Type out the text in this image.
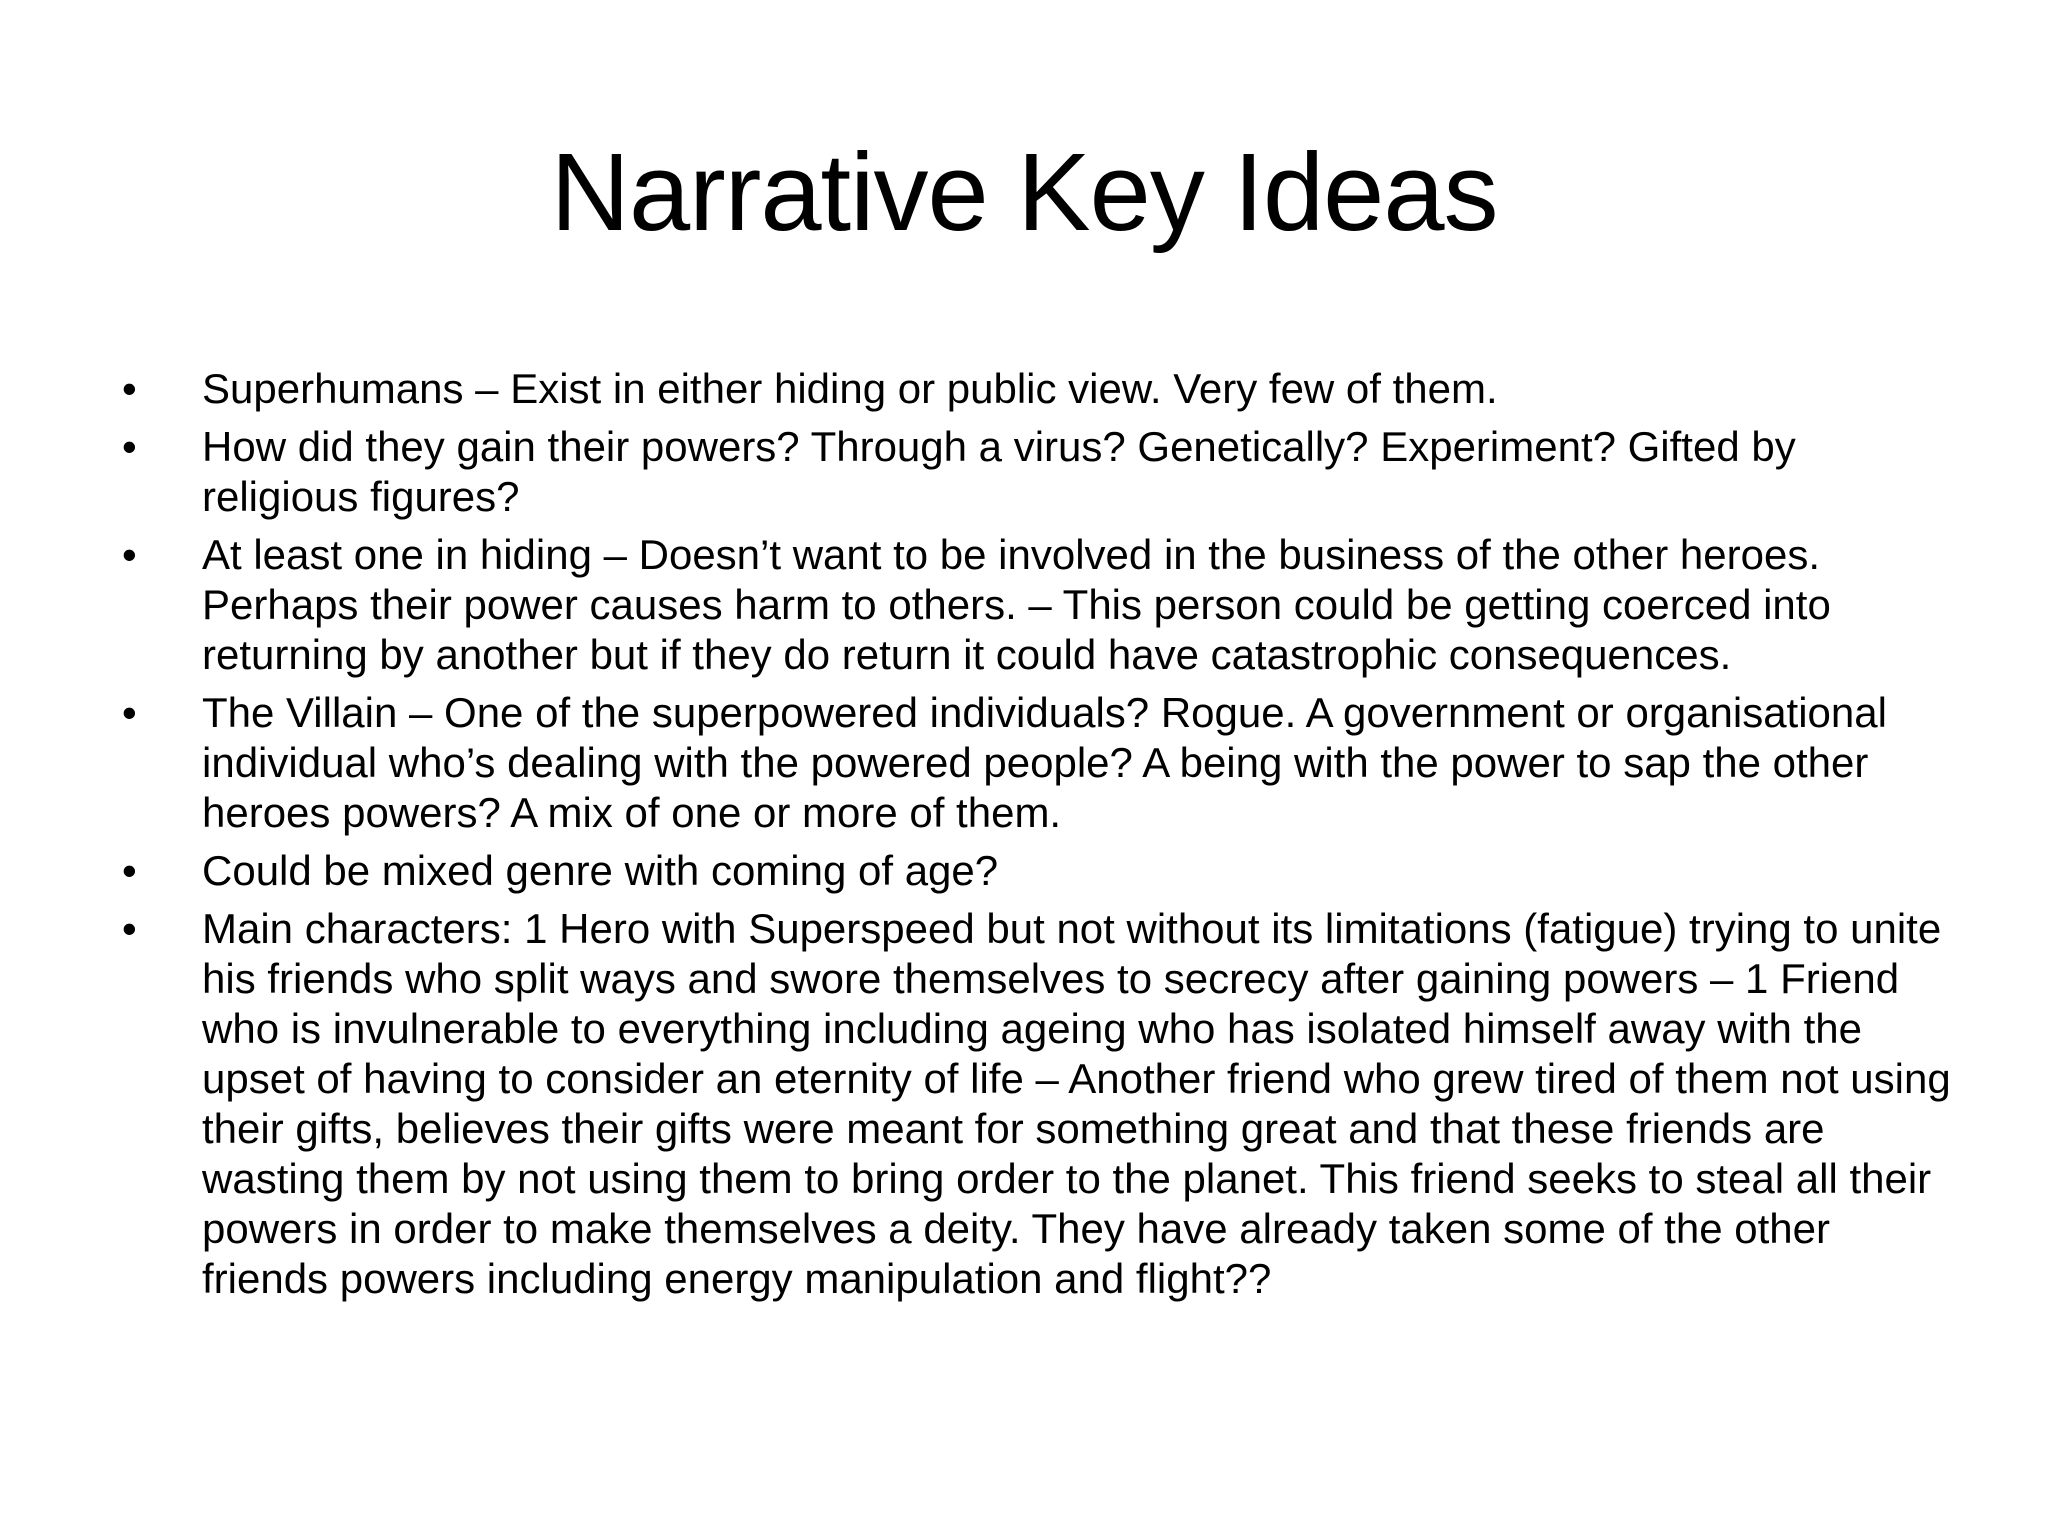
Narrative Key Ideas
•	Superhumans – Exist in either hiding or public view. Very few of them.
•	How did they gain their powers? Through a virus? Genetically? Experiment? Gifted by religious figures?
•	At least one in hiding – Doesn’t want to be involved in the business of the other heroes. Perhaps their power causes harm to others. – This person could be getting coerced into returning by another but if they do return it could have catastrophic consequences.
•	The Villain – One of the superpowered individuals? Rogue. A government or organisational individual who’s dealing with the powered people? A being with the power to sap the other heroes powers? A mix of one or more of them.
•	Could be mixed genre with coming of age?
•	Main characters: 1 Hero with Superspeed but not without its limitations (fatigue) trying to unite his friends who split ways and swore themselves to secrecy after gaining powers – 1 Friend who is invulnerable to everything including ageing who has isolated himself away with the upset of having to consider an eternity of life – Another friend who grew tired of them not using their gifts, believes their gifts were meant for something great and that these friends are wasting them by not using them to bring order to the planet. This friend seeks to steal all their powers in order to make themselves a deity. They have already taken some of the other friends powers including energy manipulation and flight??
